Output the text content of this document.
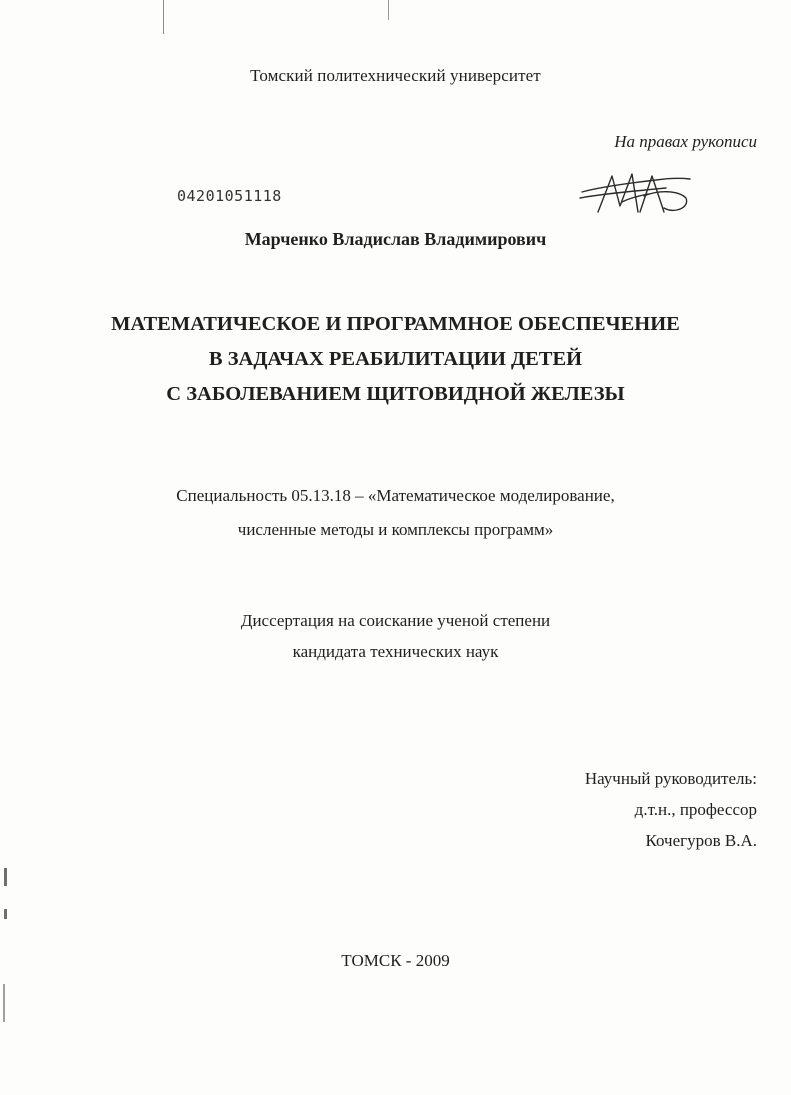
Томский политехнический университет
На правах рукописи
04201051118
Марченко Владислав Владимирович
МАТЕМАТИЧЕСКОЕ И ПРОГРАММНОЕ ОБЕСПЕЧЕНИЕ
В ЗАДАЧАХ РЕАБИЛИТАЦИИ ДЕТЕЙ
С ЗАБОЛЕВАНИЕМ ЩИТОВИДНОЙ ЖЕЛЕЗЫ
Специальность 05.13.18 – «Математическое моделирование,
численные методы и комплексы программ»
Диссертация на соискание ученой степени
кандидата технических наук
Научный руководитель:
д.т.н., профессор
Кочегуров В.А.
ТОМСК - 2009
